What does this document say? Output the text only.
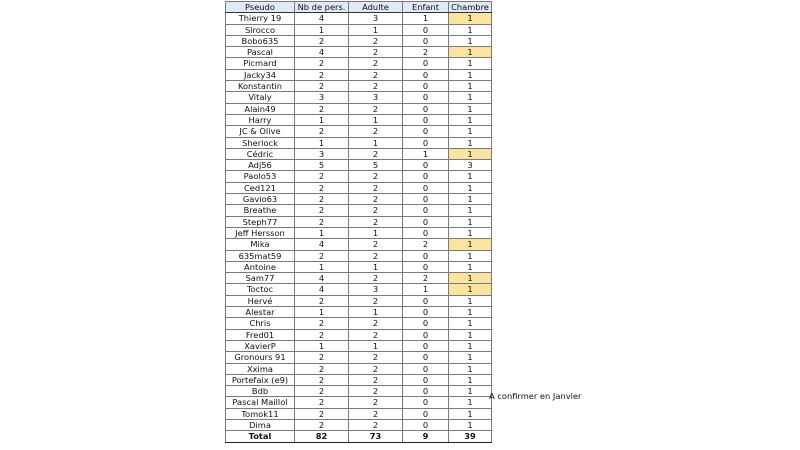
Pseudo	Nb de pers.	Adulte	Enfant	Chambre
Thierry 19	4	3	1	1
Sirocco	1	1	0	1
Bobo635	2	2	0	1
Pascal	4	2	2	1
Picmard	2	2	0	1
Jacky34	2	2	0	1
Konstantin	2	2	0	1
Vitaly	3	3	0	1
Alain49	2	2	0	1
Harry	1	1	0	1
JC & Olive	2	2	0	1
Sherlock	1	1	0	1
Cédric	3	2	1	1
Adj56	5	5	0	3
Paolo53	2	2	0	1
Ced121	2	2	0	1
Gavio63	2	2	0	1
Breathe	2	2	0	1
Steph77	2	2	0	1
Jeff Hersson	1	1	0	1
Mika	4	2	2	1
635mat59	2	2	0	1
Antoine	1	1	0	1
Sam77	4	2	2	1
Toctoc	4	3	1	1
Hervé	2	2	0	1
Alestar	1	1	0	1
Chris	2	2	0	1
Fred01	2	2	0	1
XavierP	1	1	0	1
Gronours 91	2	2	0	1
Xxima	2	2	0	1
Portefaix (e9)	2	2	0	1
Bdb	2	2	0	1
Pascal Maillol	2	2	0	1
Tomok11	2	2	0	1
Dima	2	2	0	1
Total	82	73	9	39
A confirmer en Janvier
